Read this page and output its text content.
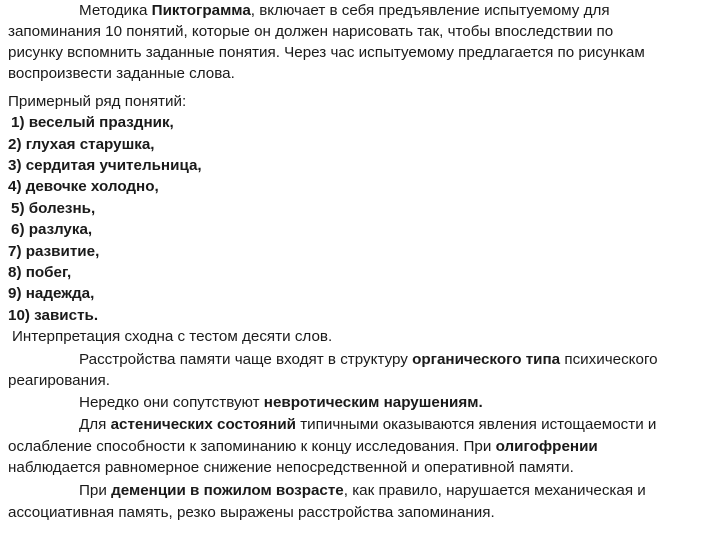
Методика Пиктограмма, включает в себя предъявление испытуемому для
запоминания 10 понятий, которые он должен нарисовать так, чтобы впоследствии по
рисунку вспомнить заданные понятия. Через час испытуемому предлагается по рисункам
воспроизвести заданные слова.
Примерный ряд понятий:
1) веселый праздник,
2) глухая старушка,
3) сердитая учительница,
4) девочке холодно,
5) болезнь,
6) разлука,
7) развитие,
8) побег,
9) надежда,
10) зависть.
Интерпретация сходна с тестом десяти слов.
Расстройства памяти чаще входят в структуру органического типа психического
реагирования.
Нередко они сопутствуют невротическим нарушениям.
Для астенических состояний типичными оказываются явления истощаемости и
ослабление способности к запоминанию к концу исследования. При олигофрении
наблюдается равномерное снижение непосредственной и оперативной памяти.
При деменции в пожилом возрасте, как правило, нарушается механическая и
ассоциативная память, резко выражены расстройства запоминания.
